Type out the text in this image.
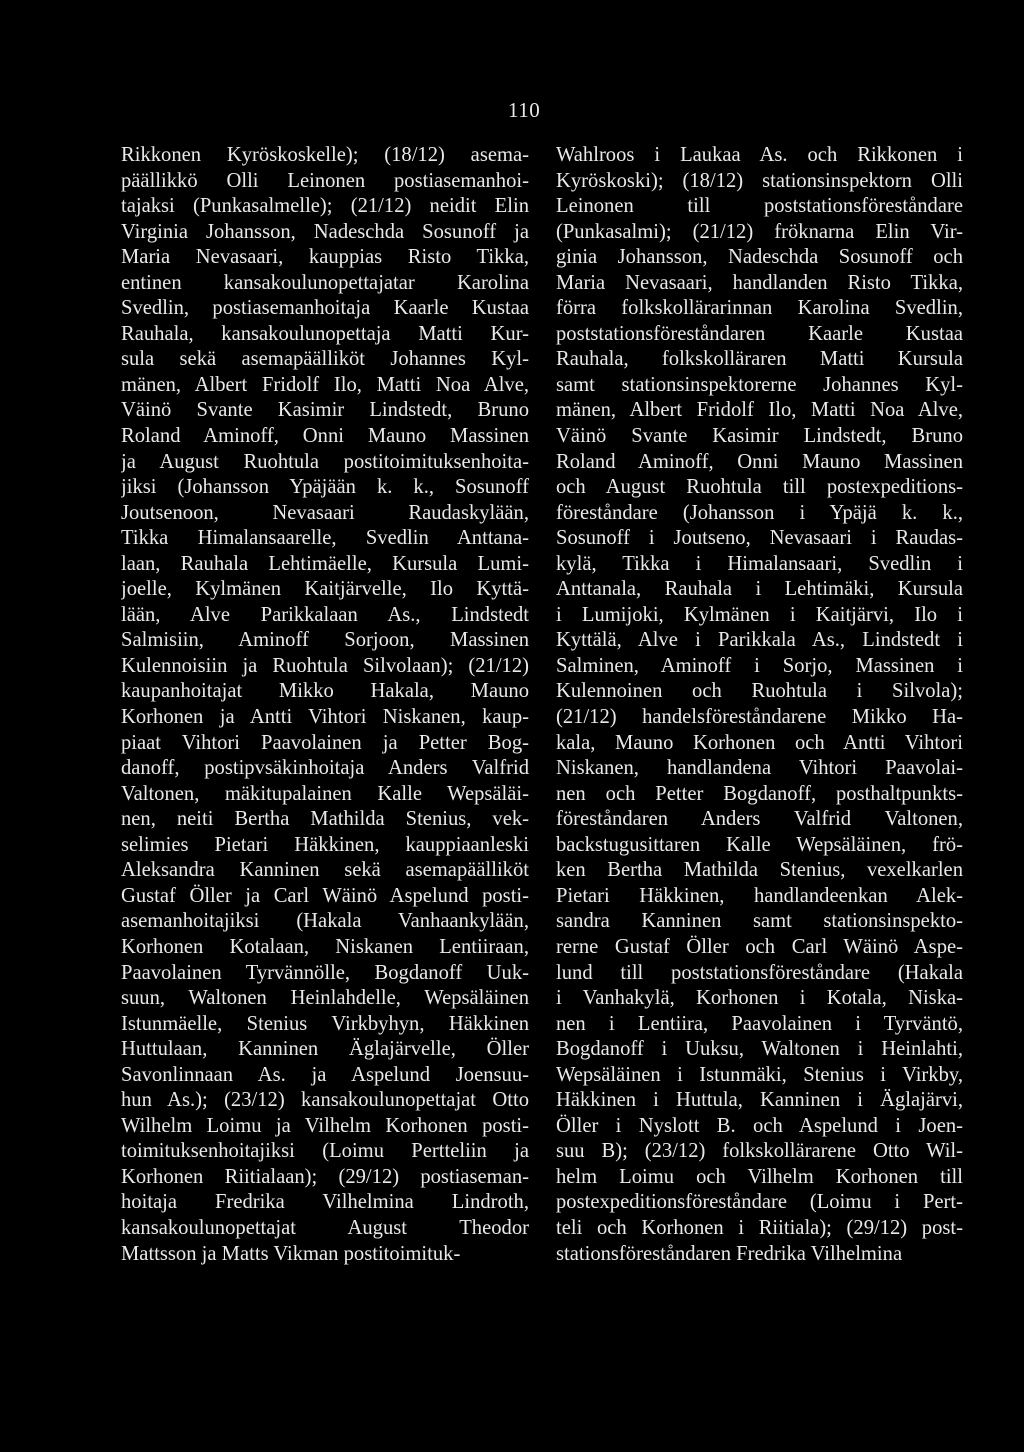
110
Rikkonen Kyröskoskelle); (18/12) asema-
päällikkö Olli Leinonen postiasemanhoi-
tajaksi (Punkasalmelle); (21/12) neidit Elin
Virginia Johansson, Nadeschda Sosunoff ja
Maria Nevasaari, kauppias Risto Tikka,
entinen kansakoulunopettajatar Karolina
Svedlin, postiasemanhoitaja Kaarle Kustaa
Rauhala, kansakoulunopettaja Matti Kur-
sula sekä asemapäälliköt Johannes Kyl-
mänen, Albert Fridolf Ilo, Matti Noa Alve,
Väinö Svante Kasimir Lindstedt, Bruno
Roland Aminoff, Onni Mauno Massinen
ja August Ruohtula postitoimituksenhoita-
jiksi (Johansson Ypäjään k. k., Sosunoff
Joutsenoon, Nevasaari Raudaskylään,
Tikka Himalansaarelle, Svedlin Anttana-
laan, Rauhala Lehtimäelle, Kursula Lumi-
joelle, Kylmänen Kaitjärvelle, Ilo Kyttä-
lään, Alve Parikkalaan As., Lindstedt
Salmisiin, Aminoff Sorjoon, Massinen
Kulennoisiin ja Ruohtula Silvolaan); (21/12)
kaupanhoitajat Mikko Hakala, Mauno
Korhonen ja Antti Vihtori Niskanen, kaup-
piaat Vihtori Paavolainen ja Petter Bog-
danoff, postipvsäkinhoitaja Anders Valfrid
Valtonen, mäkitupalainen Kalle Wepsäläi-
nen, neiti Bertha Mathilda Stenius, vek-
selimies Pietari Häkkinen, kauppiaanleski
Aleksandra Kanninen sekä asemapäälliköt
Gustaf Öller ja Carl Wäinö Aspelund posti-
asemanhoitajiksi (Hakala Vanhaankylään,
Korhonen Kotalaan, Niskanen Lentiiraan,
Paavolainen Tyrvännölle, Bogdanoff Uuk-
suun, Waltonen Heinlahdelle, Wepsäläinen
Istunmäelle, Stenius Virkbyhyn, Häkkinen
Huttulaan, Kanninen Äglajärvelle, Öller
Savonlinnaan As. ja Aspelund Joensuu-
hun As.); (23/12) kansakoulunopettajat Otto
Wilhelm Loimu ja Vilhelm Korhonen posti-
toimituksenhoitajiksi (Loimu Pertteliin ja
Korhonen Riitialaan); (29/12) postiaseman-
hoitaja Fredrika Vilhelmina Lindroth,
kansakoulunopettajat August Theodor
Mattsson ja Matts Vikman postitoimituk-
Wahlroos i Laukaa As. och Rikkonen i
Kyröskoski); (18/12) stationsinspektorn Olli
Leinonen till poststationsföreståndare
(Punkasalmi); (21/12) fröknarna Elin Vir-
ginia Johansson, Nadeschda Sosunoff och
Maria Nevasaari, handlanden Risto Tikka,
förra folkskollärarinnan Karolina Svedlin,
poststationsföreståndaren Kaarle Kustaa
Rauhala, folkskolläraren Matti Kursula
samt stationsinspektorerne Johannes Kyl-
mänen, Albert Fridolf Ilo, Matti Noa Alve,
Väinö Svante Kasimir Lindstedt, Bruno
Roland Aminoff, Onni Mauno Massinen
och August Ruohtula till postexpeditions-
föreståndare (Johansson i Ypäjä k. k.,
Sosunoff i Joutseno, Nevasaari i Raudas-
kylä, Tikka i Himalansaari, Svedlin i
Anttanala, Rauhala i Lehtimäki, Kursula
i Lumijoki, Kylmänen i Kaitjärvi, Ilo i
Kyttälä, Alve i Parikkala As., Lindstedt i
Salminen, Aminoff i Sorjo, Massinen i
Kulennoinen och Ruohtula i Silvola);
(21/12) handelsföreståndarene Mikko Ha-
kala, Mauno Korhonen och Antti Vihtori
Niskanen, handlandena Vihtori Paavolai-
nen och Petter Bogdanoff, posthaltpunkts-
föreståndaren Anders Valfrid Valtonen,
backstugusittaren Kalle Wepsäläinen, frö-
ken Bertha Mathilda Stenius, vexelkarlen
Pietari Häkkinen, handlandeenkan Alek-
sandra Kanninen samt stationsinspekto-
rerne Gustaf Öller och Carl Wäinö Aspe-
lund till poststationsföreståndare (Hakala
i Vanhakylä, Korhonen i Kotala, Niska-
nen i Lentiira, Paavolainen i Tyrväntö,
Bogdanoff i Uuksu, Waltonen i Heinlahti,
Wepsäläinen i Istunmäki, Stenius i Virkby,
Häkkinen i Huttula, Kanninen i Äglajärvi,
Öller i Nyslott B. och Aspelund i Joen-
suu B); (23/12) folkskollärarene Otto Wil-
helm Loimu och Vilhelm Korhonen till
postexpeditionsföreståndare (Loimu i Pert-
teli och Korhonen i Riitiala); (29/12) post-
stationsföreståndaren Fredrika Vilhelmina
